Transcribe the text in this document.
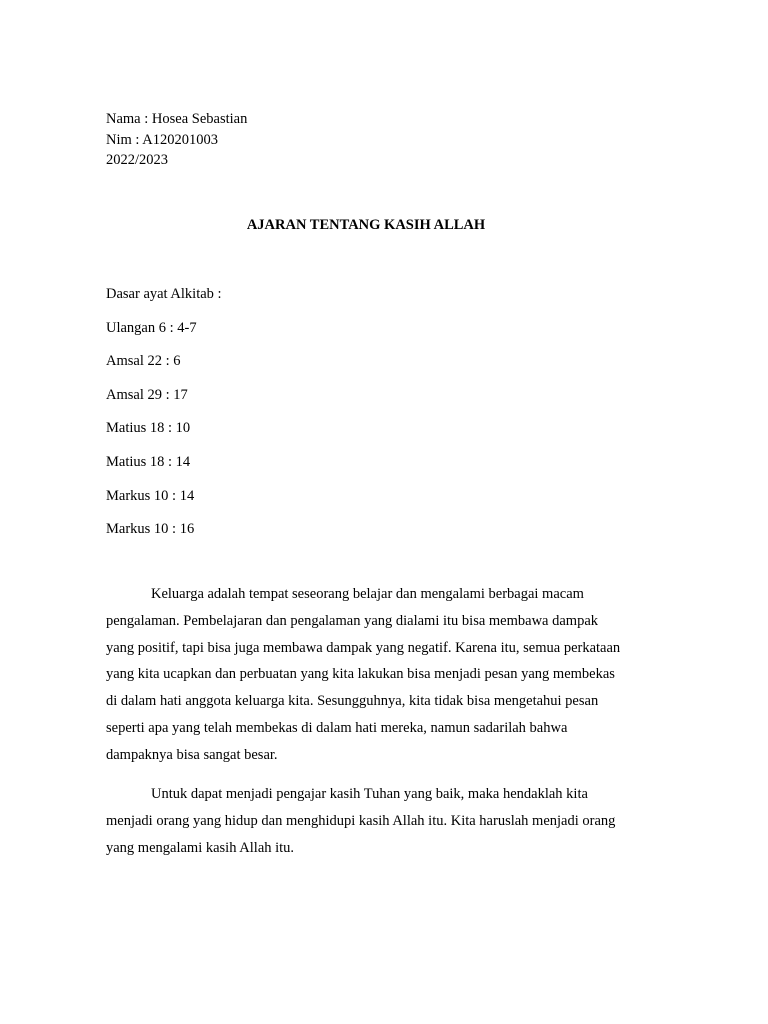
Nama : Hosea Sebastian
Nim : A120201003
2022/2023
AJARAN TENTANG KASIH ALLAH
Dasar ayat Alkitab :
Ulangan 6 : 4-7
Amsal 22 : 6
Amsal 29 : 17
Matius 18 : 10
Matius 18 : 14
Markus 10 : 14
Markus 10 : 16

Keluarga adalah tempat seseorang belajar dan mengalami berbagai macam pengalaman. Pembelajaran dan pengalaman yang dialami itu bisa membawa dampak yang positif, tapi bisa juga membawa dampak yang negatif. Karena itu, semua perkataan yang kita ucapkan dan perbuatan yang kita lakukan bisa menjadi pesan yang membekas di dalam hati anggota keluarga kita. Sesungguhnya, kita tidak bisa mengetahui pesan seperti apa yang telah membekas di dalam hati mereka, namun sadarilah bahwa dampaknya bisa sangat besar.

Untuk dapat menjadi pengajar kasih Tuhan yang baik, maka hendaklah kita menjadi orang yang hidup dan menghidupi kasih Allah itu. Kita haruslah menjadi orang yang mengalami kasih Allah itu.
